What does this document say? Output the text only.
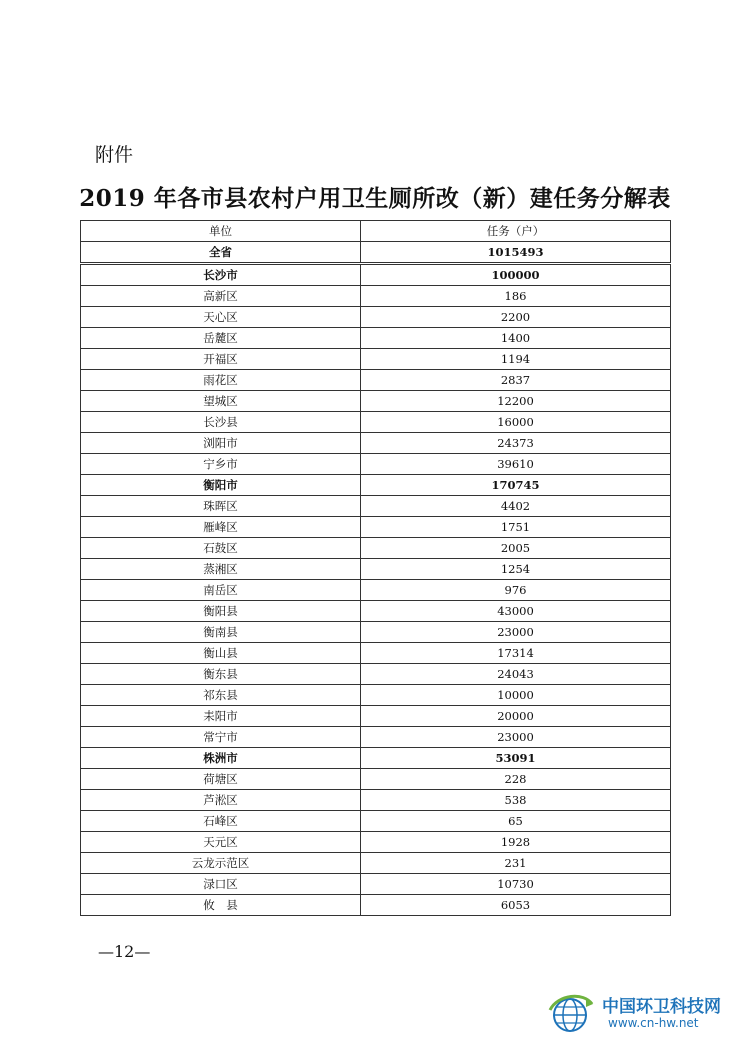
附件
2019 年各市县农村户用卫生厕所改（新）建任务分解表
单位	任务（户）
全省	1015493
长沙市	100000
高新区	186
天心区	2200
岳麓区	1400
开福区	1194
雨花区	2837
望城区	12200
长沙县	16000
浏阳市	24373
宁乡市	39610
衡阳市	170745
珠晖区	4402
雁峰区	1751
石鼓区	2005
蒸湘区	1254
南岳区	976
衡阳县	43000
衡南县	23000
衡山县	17314
衡东县	24043
祁东县	10000
耒阳市	20000
常宁市	23000
株洲市	53091
荷塘区	228
芦淞区	538
石峰区	65
天元区	1928
云龙示范区	231
渌口区	10730
攸　县	6053
—12—
中国环卫科技网
www.cn-hw.net
